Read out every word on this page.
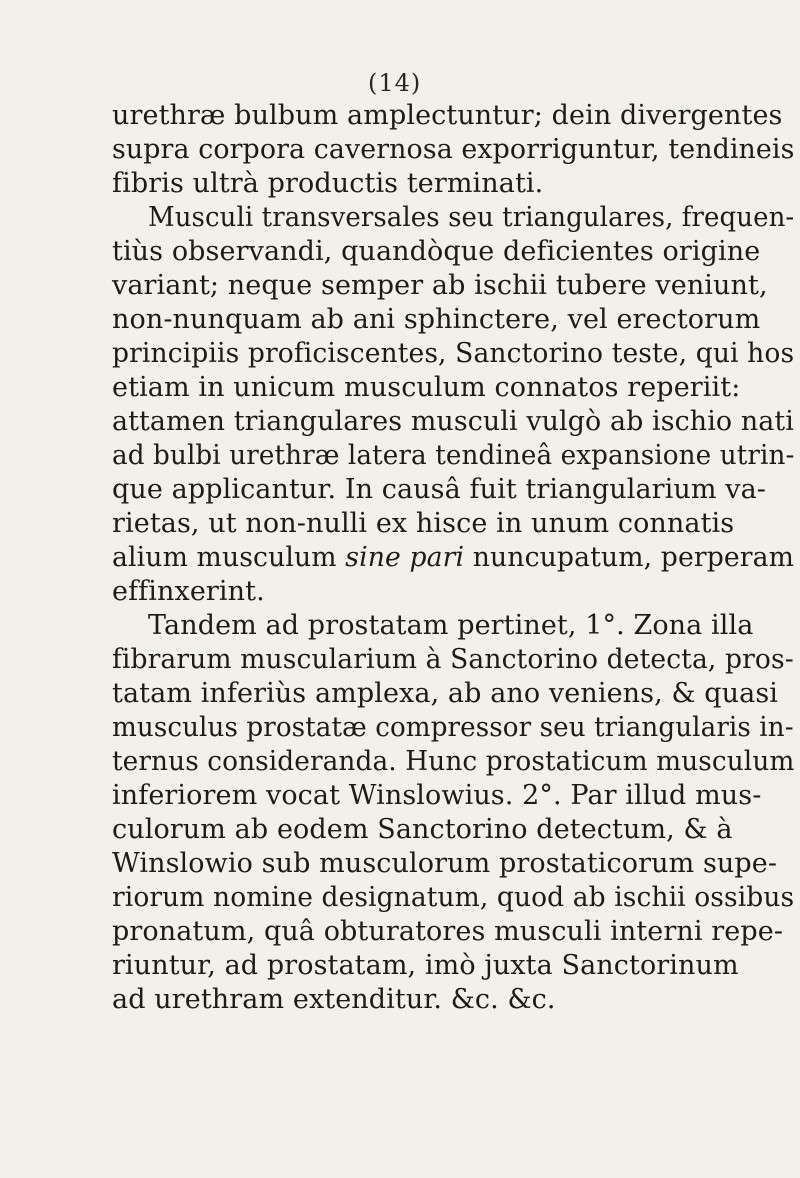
(14)
urethræ bulbum amplectuntur; dein divergentes
supra corpora cavernosa exporriguntur, tendineis
fibris ultrà productis terminati.
Musculi transversales seu triangulares, frequen-
tiùs observandi, quandòque deficientes origine
variant; neque semper ab ischii tubere veniunt,
non-nunquam ab ani sphinctere, vel erectorum
principiis proficiscentes, Sanctorino teste, qui hos
etiam in unicum musculum connatos reperiit:
attamen triangulares musculi vulgò ab ischio nati
ad bulbi urethræ latera tendineâ expansione utrin-
que applicantur. In causâ fuit triangularium va-
rietas, ut non-nulli ex hisce in unum connatis
alium musculum sine pari nuncupatum, perperam
effinxerint.
Tandem ad prostatam pertinet, 1°. Zona illa
fibrarum muscularium à Sanctorino detecta, pros-
tatam inferiùs amplexa, ab ano veniens, & quasi
musculus prostatæ compressor seu triangularis in-
ternus consideranda. Hunc prostaticum musculum
inferiorem vocat Winslowius. 2°. Par illud mus-
culorum ab eodem Sanctorino detectum, & à
Winslowio sub musculorum prostaticorum supe-
riorum nomine designatum, quod ab ischii ossibus
pronatum, quâ obturatores musculi interni repe-
riuntur, ad prostatam, imò juxta Sanctorinum
ad urethram extenditur. &c. &c.
